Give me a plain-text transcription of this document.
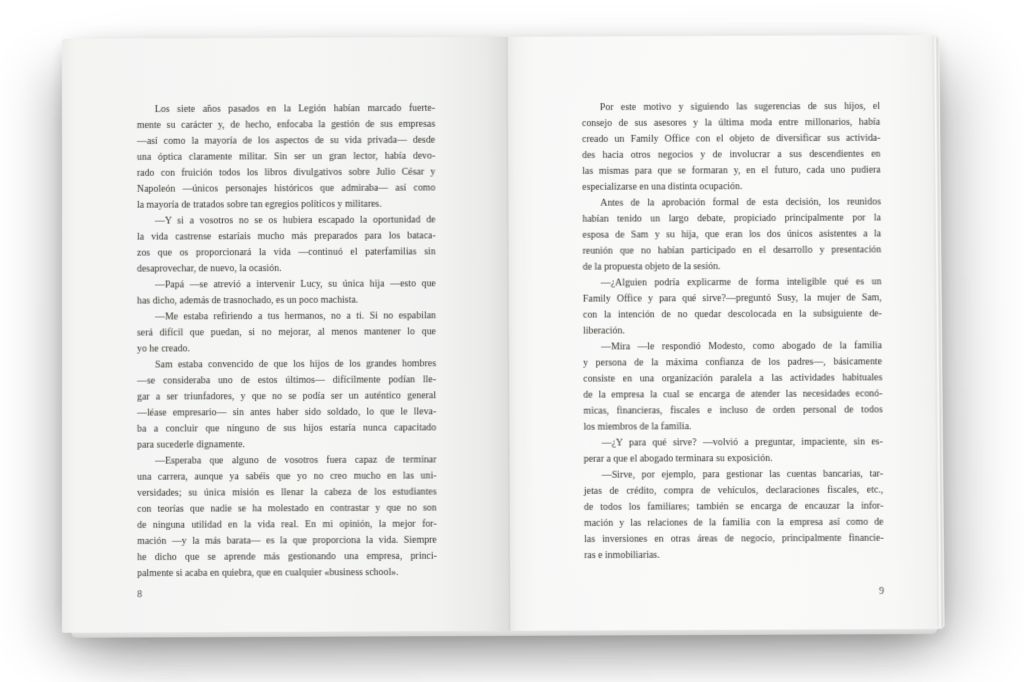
Los siete años pasados en la Legión habían marcado fuerte-
mente su carácter y, de hecho, enfocaba la gestión de sus empresas
—así como la mayoría de los aspectos de su vida privada— desde
una óptica claramente militar. Sin ser un gran lector, había devo-
rado con fruición todos los libros divulgativos sobre Julio César y
Napoleón —únicos personajes históricos que admiraba— así como
la mayoría de tratados sobre tan egregios políticos y militares.

—Y si a vosotros no se os hubiera escapado la oportunidad de
la vida castrense estaríais mucho más preparados para los bataca-
zos que os proporcionará la vida —continuó el paterfamilias sin
desaprovechar, de nuevo, la ocasión.

—Papá —se atrevió a intervenir Lucy, su única hija —esto que
has dicho, además de trasnochado, es un poco machista.

—Me estaba refiriendo a tus hermanos, no a ti. Si no espabilan
será difícil que puedan, si no mejorar, al menos mantener lo que
yo he creado.

Sam estaba convencido de que los hijos de los grandes hombres
—se consideraba uno de estos últimos— difícilmente podían lle-
gar a ser triunfadores, y que no se podía ser un auténtico general
—léase empresario— sin antes haber sido soldado, lo que le lleva-
ba a concluir que ninguno de sus hijos estaría nunca capacitado
para sucederle dignamente.

—Esperaba que alguno de vosotros fuera capaz de terminar
una carrera, aunque ya sabéis que yo no creo mucho en las uni-
versidades; su única misión es llenar la cabeza de los estudiantes
con teorías que nadie se ha molestado en contrastar y que no son
de ninguna utilidad en la vida real. En mi opinión, la mejor for-
mación —y la más barata— es la que proporciona la vida. Siempre
he dicho que se aprende más gestionando una empresa, princi-
palmente si acaba en quiebra, que en cualquier «business school».

8

Por este motivo y siguiendo las sugerencias de sus hijos, el
consejo de sus asesores y la última moda entre millonarios, había
creado un Family Office con el objeto de diversificar sus activida-
des hacia otros negocios y de involucrar a sus descendientes en
las mismas para que se formaran y, en el futuro, cada uno pudiera
especializarse en una distinta ocupación.

Antes de la aprobación formal de esta decisión, los reunidos
habían tenido un largo debate, propiciado principalmente por la
esposa de Sam y su hija, que eran los dos únicos asistentes a la
reunión que no habían participado en el desarrollo y presentación
de la propuesta objeto de la sesión.

—¿Alguien podría explicarme de forma inteligible qué es un
Family Office y para qué sirve?—preguntó Susy, la mujer de Sam,
con la intención de no quedar descolocada en la subsiguiente de-
liberación.

—Mira —le respondió Modesto, como abogado de la familia
y persona de la máxima confianza de los padres—, básicamente
consiste en una organización paralela a las actividades habituales
de la empresa la cual se encarga de atender las necesidades econó-
micas, financieras, fiscales e incluso de orden personal de todos
los miembros de la familia.

—¿Y para qué sirve? —volvió a preguntar, impaciente, sin es-
perar a que el abogado terminara su exposición.

—Sirve, por ejemplo, para gestionar las cuentas bancarias, tar-
jetas de crédito, compra de vehículos, declaraciones fiscales, etc.,
de todos los familiares; también se encarga de encauzar la infor-
mación y las relaciones de la familia con la empresa así como de
las inversiones en otras áreas de negocio, principalmente financie-
ras e inmobiliarias.

9
